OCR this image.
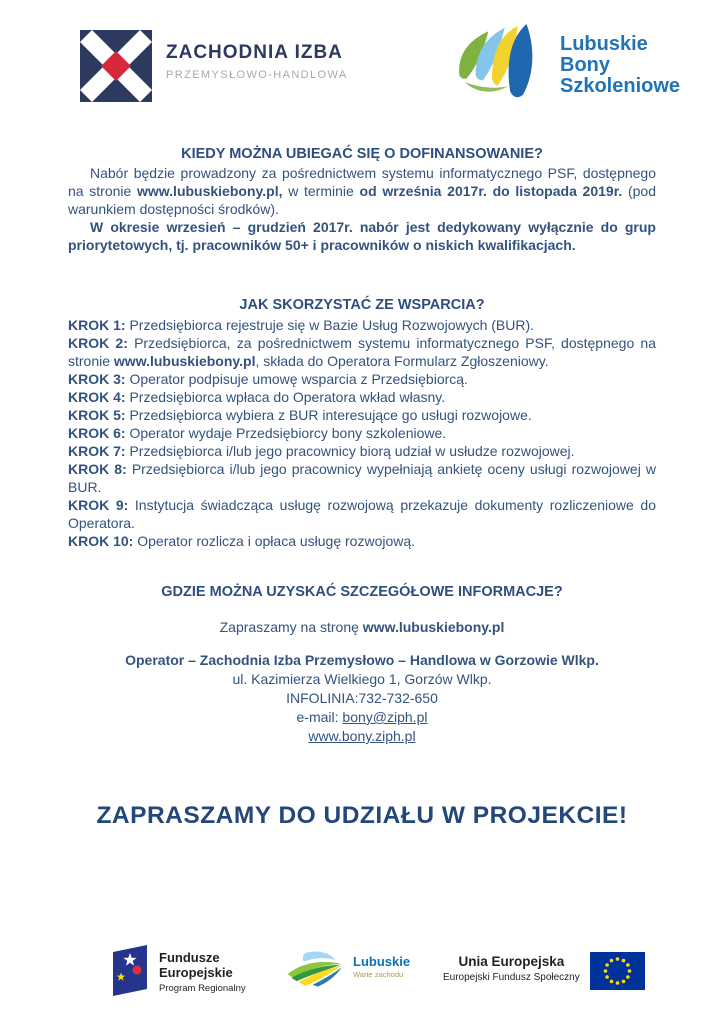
ZACHODNIA IZBA
PRZEMYSŁOWO-HANDLOWA
Lubuskie
Bony
Szkoleniowe
KIEDY MOŻNA UBIEGAĆ SIĘ O DOFINANSOWANIE?

Nabór będzie prowadzony za pośrednictwem systemu informatycznego PSF, dostępnego na stronie www.lubuskiebony.pl, w terminie od września 2017r. do listopada 2019r. (pod warunkiem dostępności środków).

W okresie wrzesień – grudzień 2017r. nabór jest dedykowany wyłącznie do grup priorytetowych, tj. pracowników 50+ i pracowników o niskich kwalifikacjach.

JAK SKORZYSTAĆ ZE WSPARCIA?
KROK 1: Przedsiębiorca rejestruje się w Bazie Usług Rozwojowych (BUR).
KROK 2: Przedsiębiorca, za pośrednictwem systemu informatycznego PSF, dostępnego na stronie www.lubuskiebony.pl, składa do Operatora Formularz Zgłoszeniowy.
KROK 3: Operator podpisuje umowę wsparcia z Przedsiębiorcą.
KROK 4: Przedsiębiorca wpłaca do Operatora wkład własny.
KROK 5: Przedsiębiorca wybiera z BUR interesujące go usługi rozwojowe.
KROK 6: Operator wydaje Przedsiębiorcy bony szkoleniowe.
KROK 7: Przedsiębiorca i/lub jego pracownicy biorą udział w usłudze rozwojowej.
KROK 8: Przedsiębiorca i/lub jego pracownicy wypełniają ankietę oceny usługi rozwojowej w BUR.
KROK 9: Instytucja świadcząca usługę rozwojową przekazuje dokumenty rozliczeniowe do Operatora.
KROK 10: Operator rozlicza i opłaca usługę rozwojową.
GDZIE MOŻNA UZYSKAĆ SZCZEGÓŁOWE INFORMACJE?
Zapraszamy na stronę www.lubuskiebony.pl
Operator – Zachodnia Izba Przemysłowo – Handlowa w Gorzowie Wlkp.
ul. Kazimierza Wielkiego 1, Gorzów Wlkp.
INFOLINIA:732-732-650
e-mail: bony@ziph.pl
www.bony.ziph.pl
ZAPRASZAMY DO UDZIAŁU W PROJEKCIE!
Fundusze
Europejskie
Program Regionalny
Lubuskie
Warte zachodu
Unia Europejska
Europejski Fundusz Społeczny
